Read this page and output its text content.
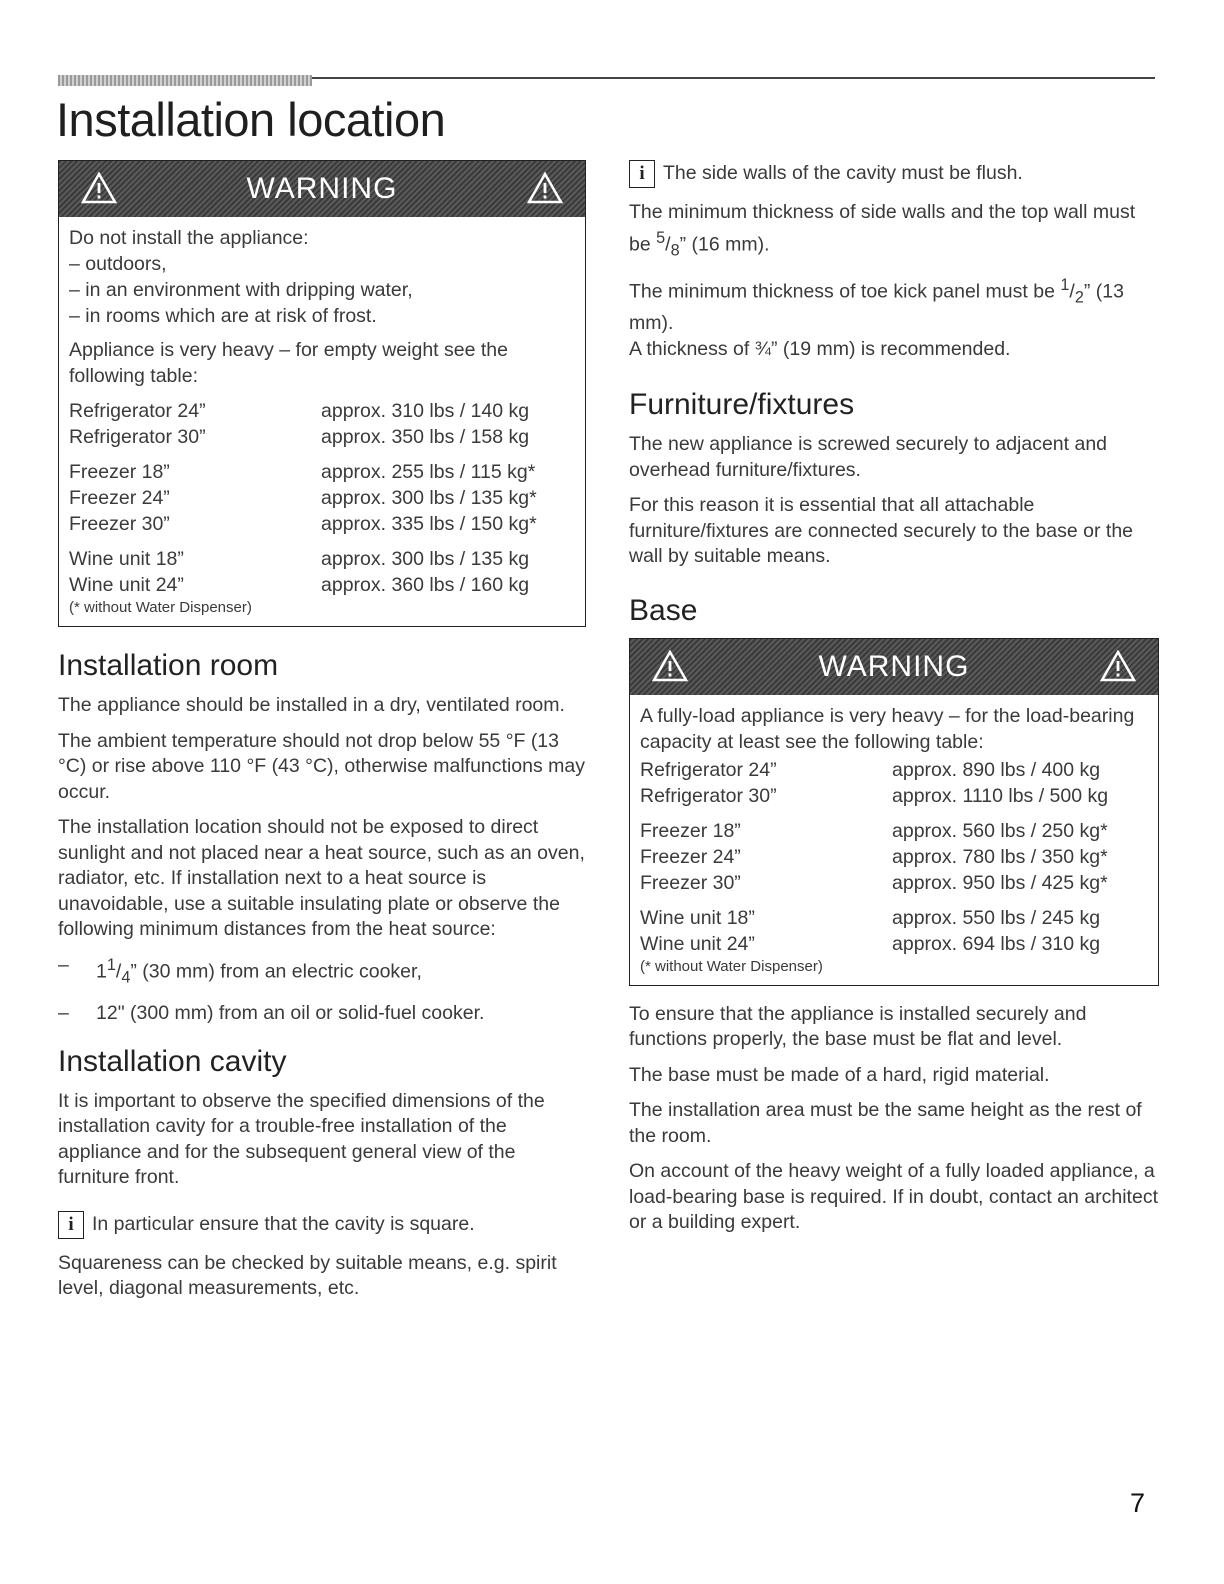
Installation location
WARNING

Do not install the appliance:

– outdoors,
– in an environment with dripping water,
– in rooms which are at risk of frost.

Appliance is very heavy – for empty weight see the following table:

Refrigerator 24”	approx. 310 lbs / 140 kg
Refrigerator 30”	approx. 350 lbs / 158 kg
Freezer 18”	approx. 255 lbs / 115 kg*
Freezer 24”	approx. 300 lbs / 135 kg*
Freezer 30”	approx. 335 lbs / 150 kg*
Wine unit 18”	approx. 300 lbs / 135 kg
Wine unit 24”	approx. 360 lbs / 160 kg

(* without Water Dispenser)

Installation room

The appliance should be installed in a dry, ventilated room.

The ambient temperature should not drop below 55 °F (13 °C) or rise above 110 °F (43 °C), otherwise malfunctions may occur.

The installation location should not be exposed to direct sunlight and not placed near a heat source, such as an oven, radiator, etc. If installation next to a heat source is unavoidable, use a suitable insulating plate or observe the following minimum distances from the heat source:

–	$1^1/_4$” (30 mm) from an electric cooker,
–	12" (300 mm) from an oil or solid-fuel cooker.
Installation cavity

It is important to observe the specified dimensions of the installation cavity for a trouble-free installation of the appliance and for the subsequent general view of the furniture front.

i In particular ensure that the cavity is square.

Squareness can be checked by suitable means, e.g. spirit level, diagonal measurements, etc.

i The side walls of the cavity must be flush.

The minimum thickness of side walls and the top wall must be $^5/_8$” (16 mm).

The minimum thickness of toe kick panel must be $^1/_2$” (13 mm).

A thickness of ¾” (19 mm) is recommended.

Furniture/fixtures

The new appliance is screwed securely to adjacent and overhead furniture/fixtures.

For this reason it is essential that all attachable furniture/fixtures are connected securely to the base or the wall by suitable means.

Base
WARNING

A fully-load appliance is very heavy – for the load-bearing capacity at least see the following table:

Refrigerator 24”	approx. 890 lbs / 400 kg
Refrigerator 30”	approx. 1110 lbs / 500 kg
Freezer 18”	approx. 560 lbs / 250 kg*
Freezer 24”	approx. 780 lbs / 350 kg*
Freezer 30”	approx. 950 lbs / 425 kg*
Wine unit 18”	approx. 550 lbs / 245 kg
Wine unit 24”	approx. 694 lbs / 310 kg

(* without Water Dispenser)

To ensure that the appliance is installed securely and functions properly, the base must be flat and level.

The base must be made of a hard, rigid material.

The installation area must be the same height as the rest of the room.

On account of the heavy weight of a fully loaded appliance, a load-bearing base is required. If in doubt, contact an architect or a building expert.

7
